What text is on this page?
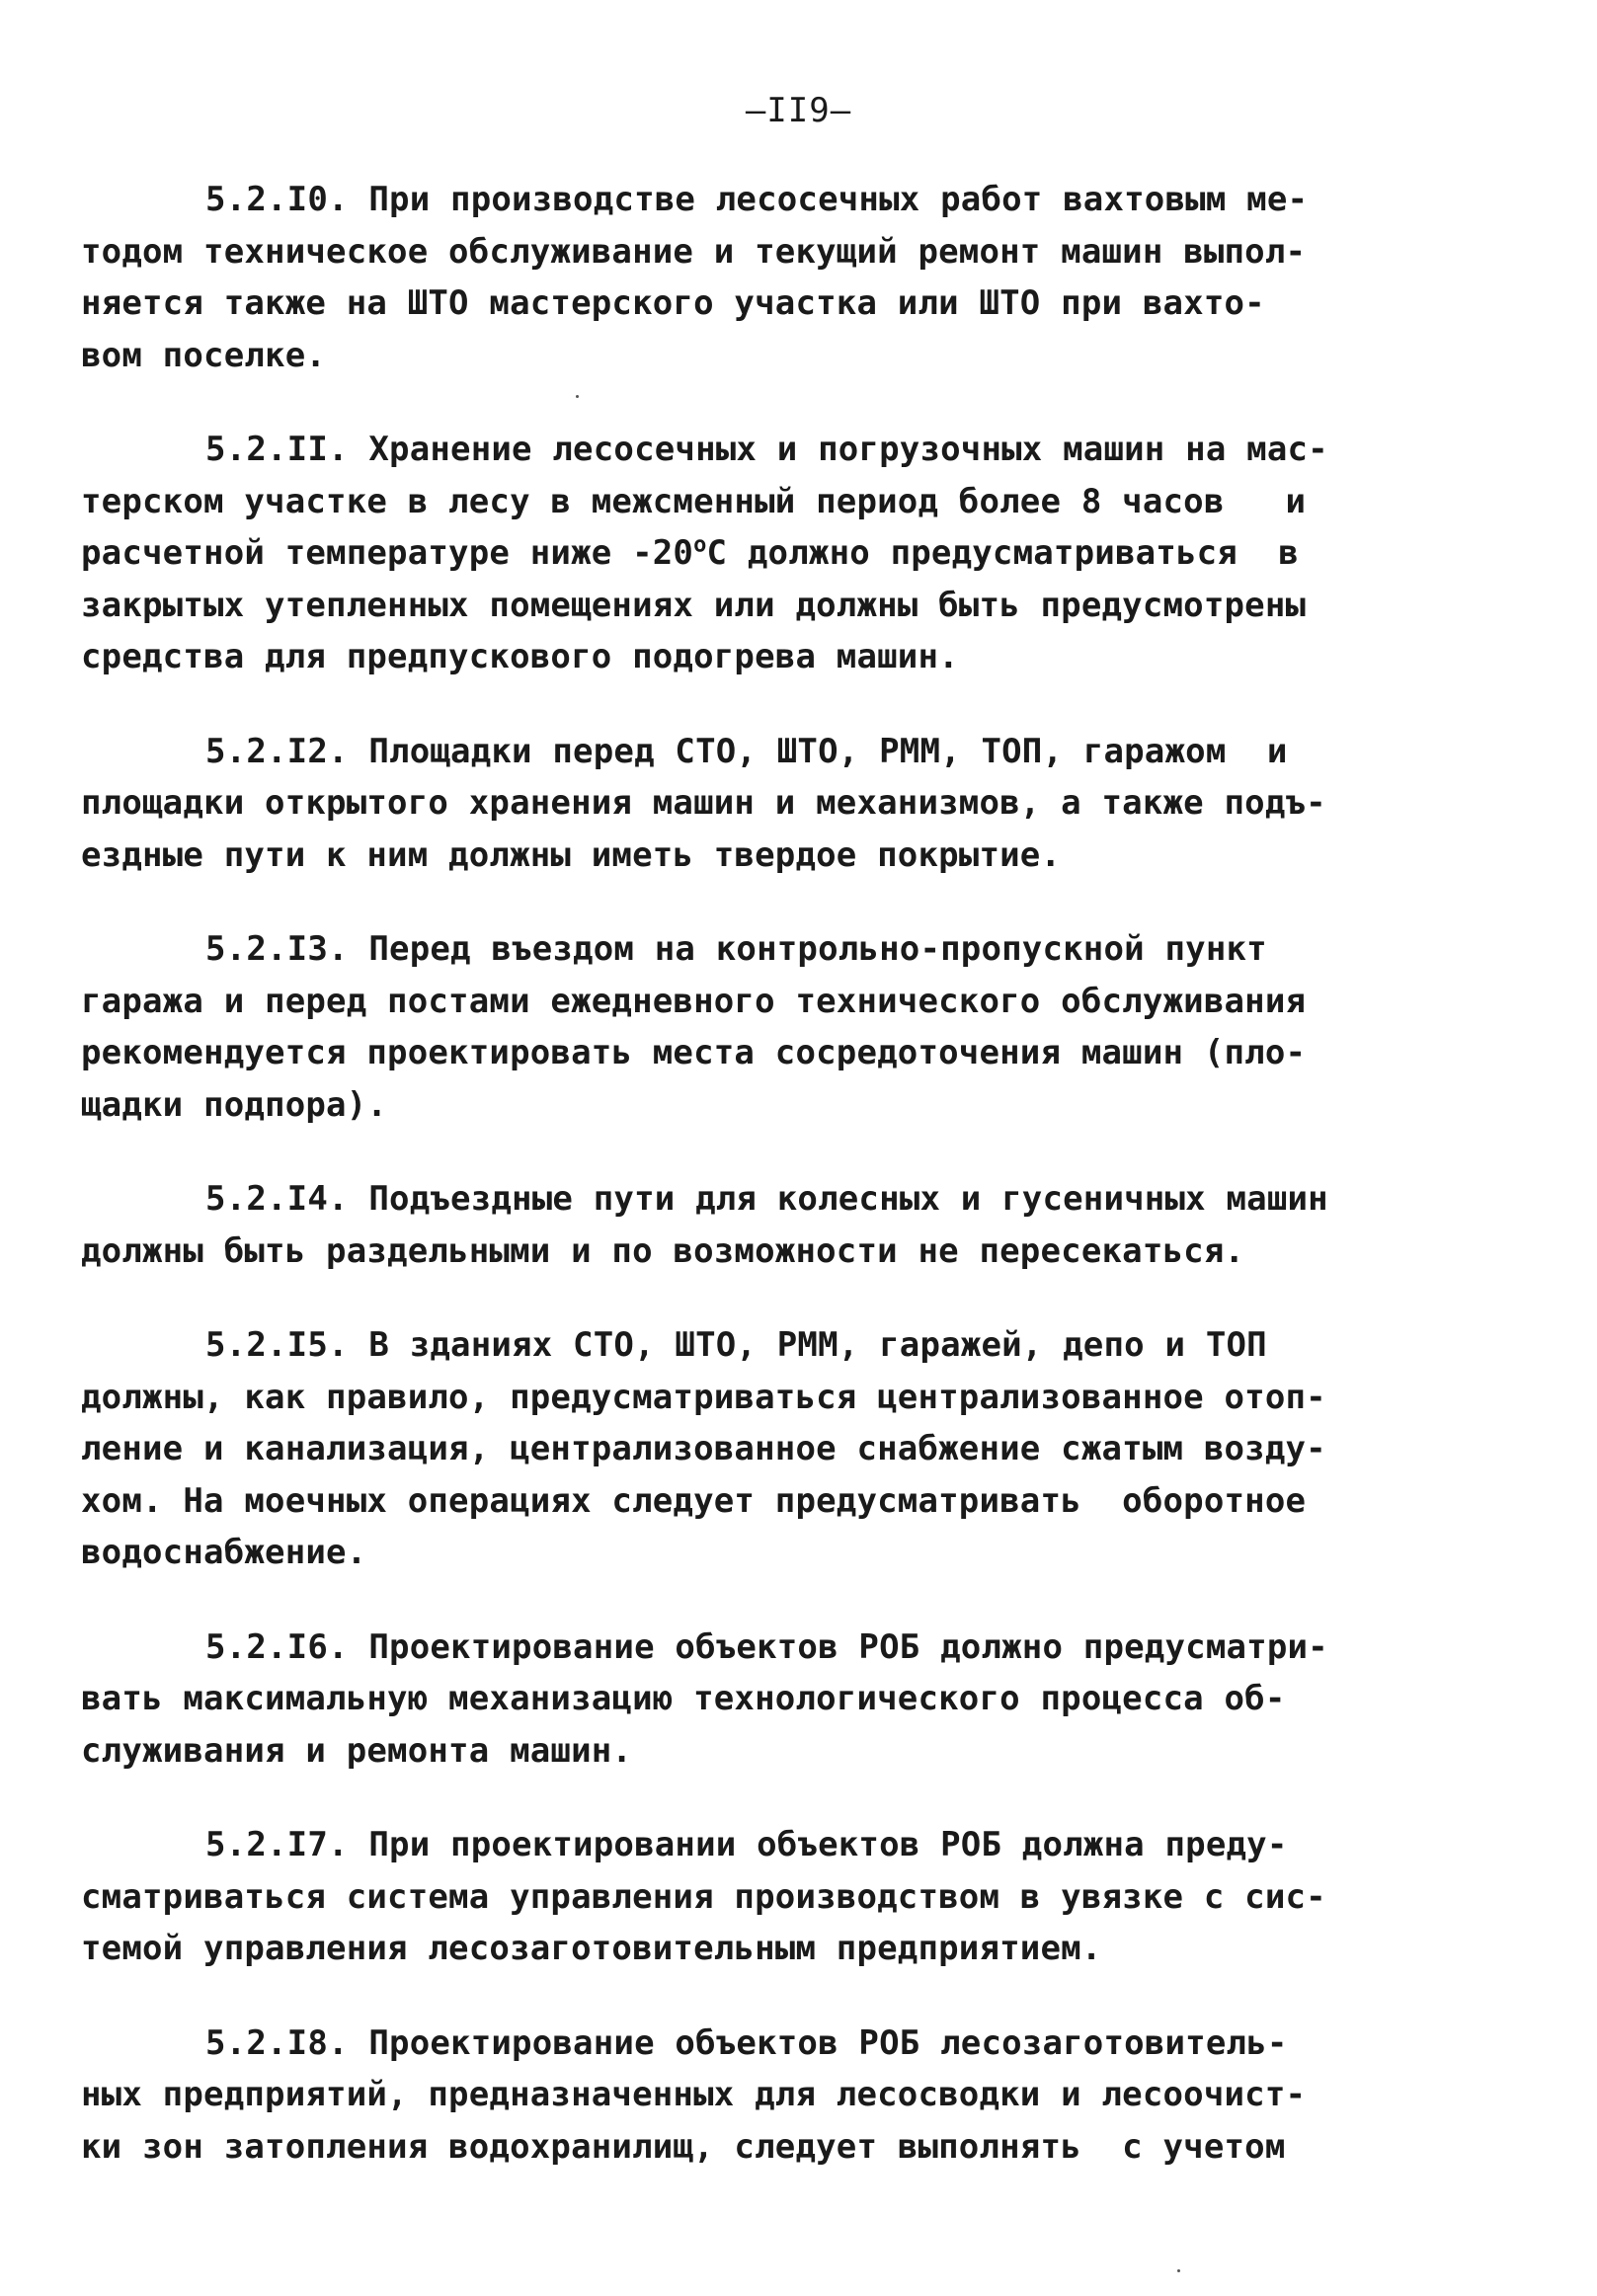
—II9—

5.2.I0. При производстве лесосечных работ вахтовым ме-
тодом техническое обслуживание и текущий ремонт машин выпол-
няется также на ШТО мастерского участка или ШТО при вахто-
вом поселке.

5.2.II. Хранение лесосечных и погрузочных машин на мас-
терском участке в лесу в межсменный период более 8 часов   и
расчетной температуре ниже $-20^оС$ должно предусматриваться  в
закрытых утепленных помещениях или должны быть предусмотрены
средства для предпускового подогрева машин.

5.2.I2. Площадки перед СТО, ШТО, РММ, ТОП, гаражом  и
площадки открытого хранения машин и механизмов, а также подъ-
ездные пути к ним должны иметь твердое покрытие.

5.2.I3. Перед въездом на контрольно-пропускной пункт
гаража и перед постами ежедневного технического обслуживания
рекомендуется проектировать места сосредоточения машин (пло-
щадки подпора).

5.2.I4. Подъездные пути для колесных и гусеничных машин
должны быть раздельными и по возможности не пересекаться.

5.2.I5. В зданиях СТО, ШТО, РММ, гаражей, депо и ТОП
должны, как правило, предусматриваться централизованное отоп-
ление и канализация, централизованное снабжение сжатым возду-
хом. На моечных операциях следует предусматривать  оборотное
водоснабжение.

5.2.I6. Проектирование объектов РОБ должно предусматри-
вать максимальную механизацию технологического процесса об-
служивания и ремонта машин.

5.2.I7. При проектировании объектов РОБ должна преду-
сматриваться система управления производством в увязке с сис-
темой управления лесозаготовительным предприятием.

5.2.I8. Проектирование объектов РОБ лесозаготовитель-
ных предприятий, предназначенных для лесосводки и лесоочист-
ки зон затопления водохранилищ, следует выполнять  с учетом
